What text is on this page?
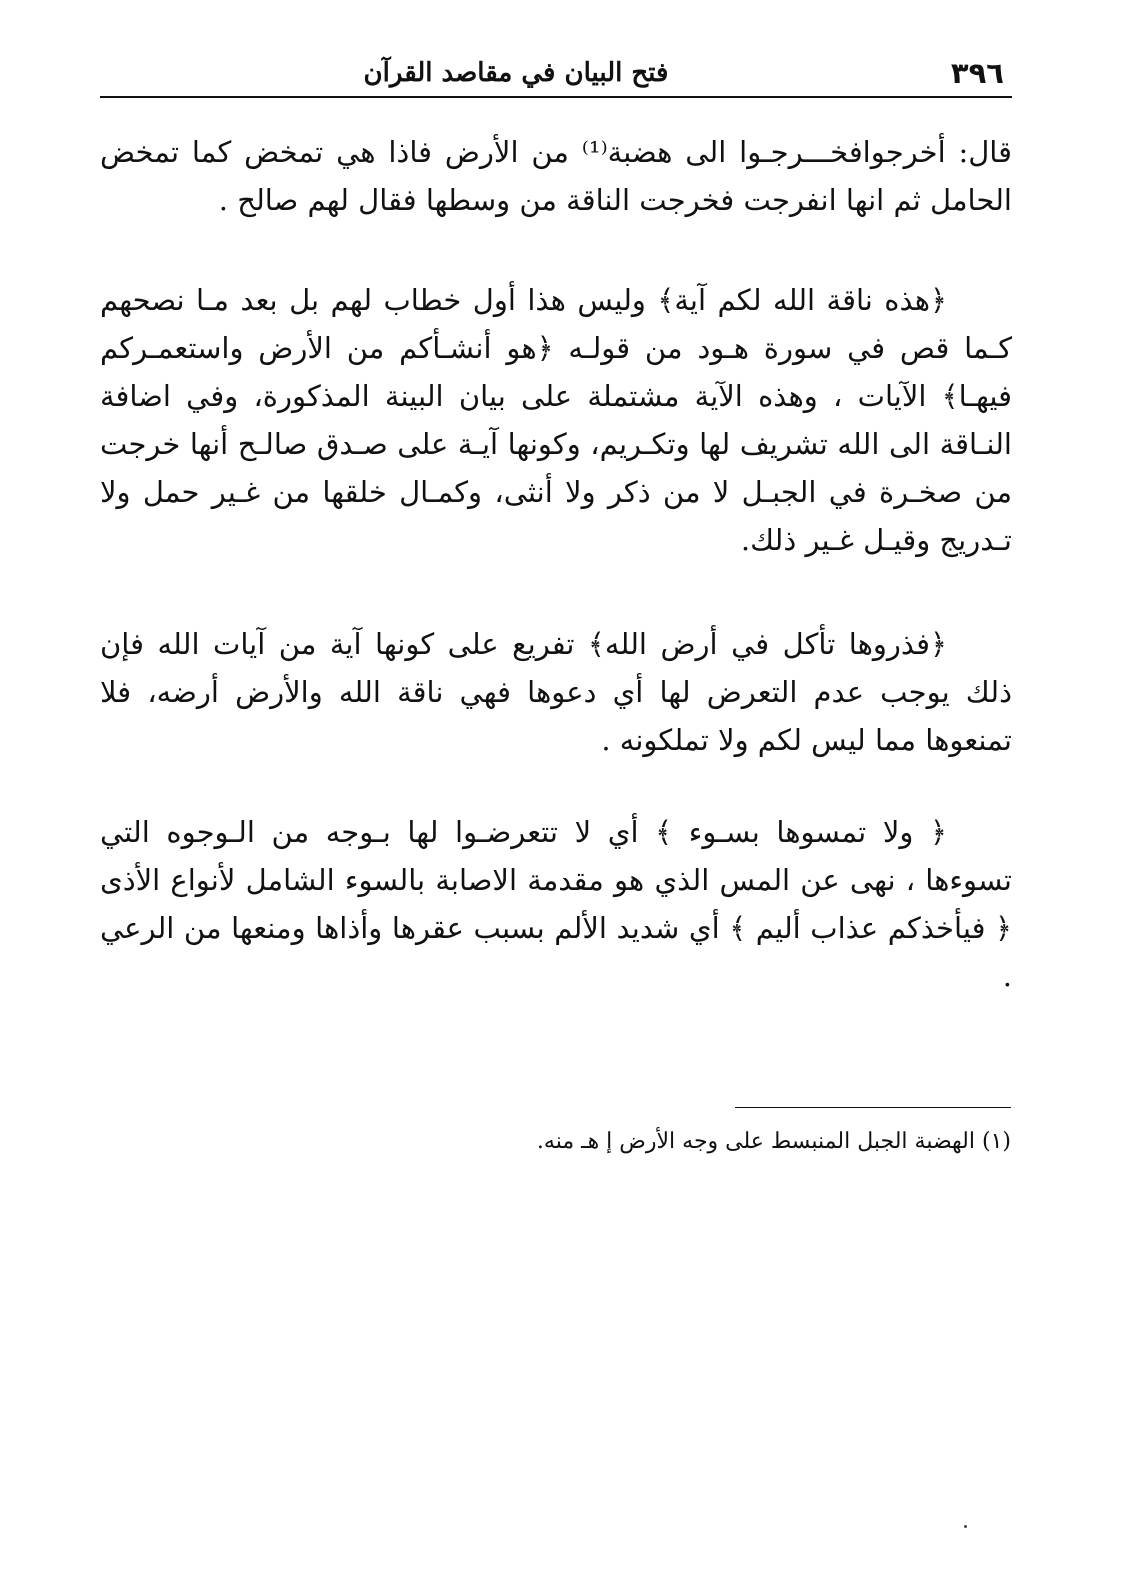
٣٩٦
فتح البيان في مقاصد القرآن

قال: أخرجوافخـــرجـوا الى هضبة⁽¹⁾ من الأرض فاذا هي تمخض كما تمخض الحامل ثم انها انفرجت فخرجت الناقة من وسطها فقال لهم صالح .

﴿هذه ناقة الله لكم آية﴾ وليس هذا أول خطاب لهم بل بعد مـا نصحهم كـما قص في سورة هـود من قولـه ﴿هو أنشـأكم من الأرض واستعمـركم فيهـا﴾ الآيات ، وهذه الآية مشتملة على بيان البينة المذكورة، وفي اضافة النـاقة الى الله تشريف لها وتكـريم، وكونها آيـة على صـدق صالـح أنها خرجت من صخـرة في الجبـل لا من ذكر ولا أنثى، وكمـال خلقها من غـير حمل ولا تـدريج وقيـل غـير ذلك.

﴿فذروها تأكل في أرض الله﴾ تفريع على كونها آية من آيات الله فإن ذلك يوجب عدم التعرض لها أي دعوها فهي ناقة الله والأرض أرضه، فلا تمنعوها مما ليس لكم ولا تملكونه .

﴿ ولا تمسوها بسـوء ﴾ أي لا تتعرضـوا لها بـوجه من الـوجوه التي تسوءها ، نهى عن المس الذي هو مقدمة الاصابة بالسوء الشامل لأنواع الأذى ﴿ فيأخذكم عذاب أليم ﴾ أي شديد الألم بسبب عقرها وأذاها ومنعها من الرعي .

(١) الهضبة الجبل المنبسط على وجه الأرض إ هـ منه.
